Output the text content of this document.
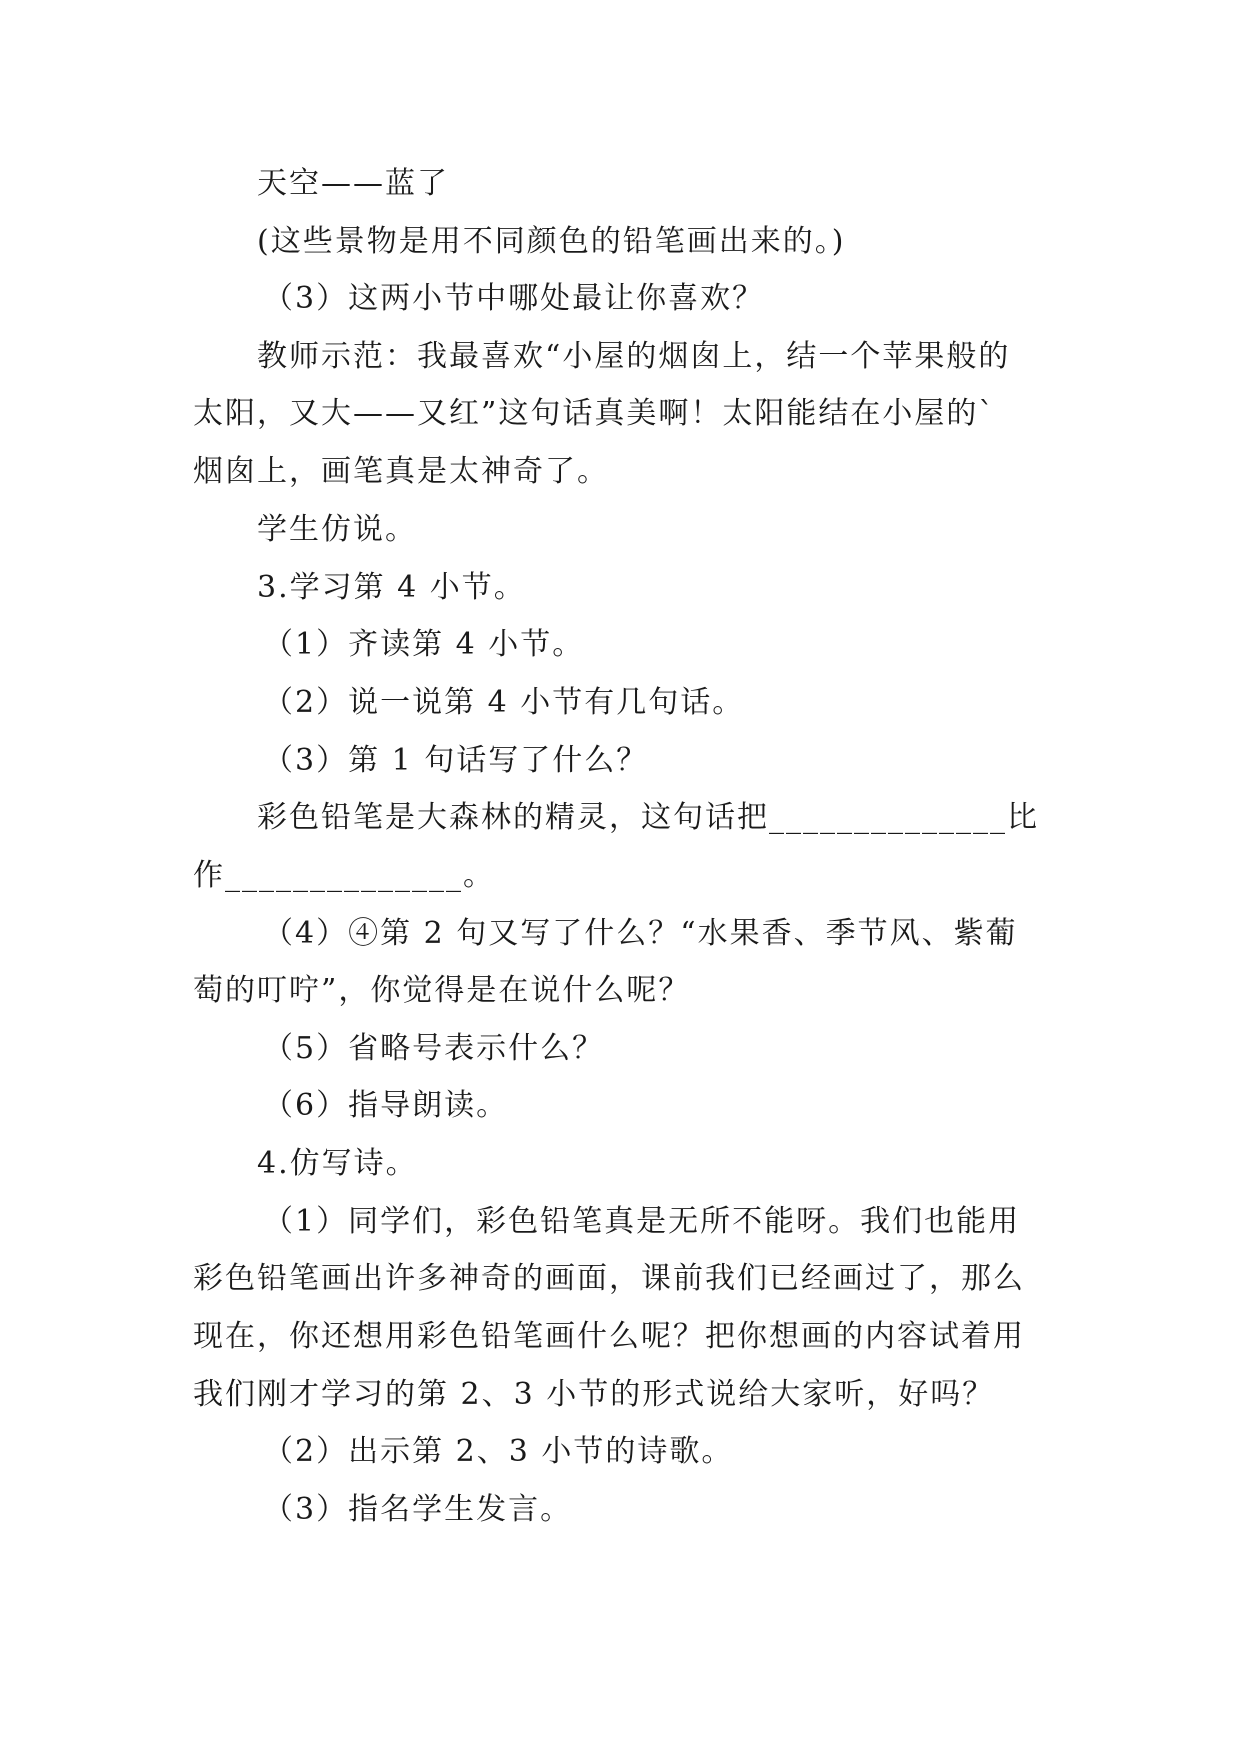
天空——蓝了
(这些景物是用不同颜色的铅笔画出来的。)
（3）这两小节中哪处最让你喜欢？
教师示范：我最喜欢“小屋的烟囱上，结一个苹果般的
太阳，又大——又红”这句话真美啊！太阳能结在小屋的`
烟囱上，画笔真是太神奇了。
学生仿说。
3.学习第 4 小节。
（1）齐读第 4 小节。
（2）说一说第 4 小节有几句话。
（3）第 1 句话写了什么？
彩色铅笔是大森林的精灵，这句话把______________比
作______________。
（4）④第 2 句又写了什么？“水果香、季节风、紫葡
萄的叮咛”，你觉得是在说什么呢？
（5）省略号表示什么？
（6）指导朗读。
4.仿写诗。
（1）同学们，彩色铅笔真是无所不能呀。我们也能用
彩色铅笔画出许多神奇的画面，课前我们已经画过了，那么
现在，你还想用彩色铅笔画什么呢？把你想画的内容试着用
我们刚才学习的第 2、3 小节的形式说给大家听，好吗？
（2）出示第 2、3 小节的诗歌。
（3）指名学生发言。
